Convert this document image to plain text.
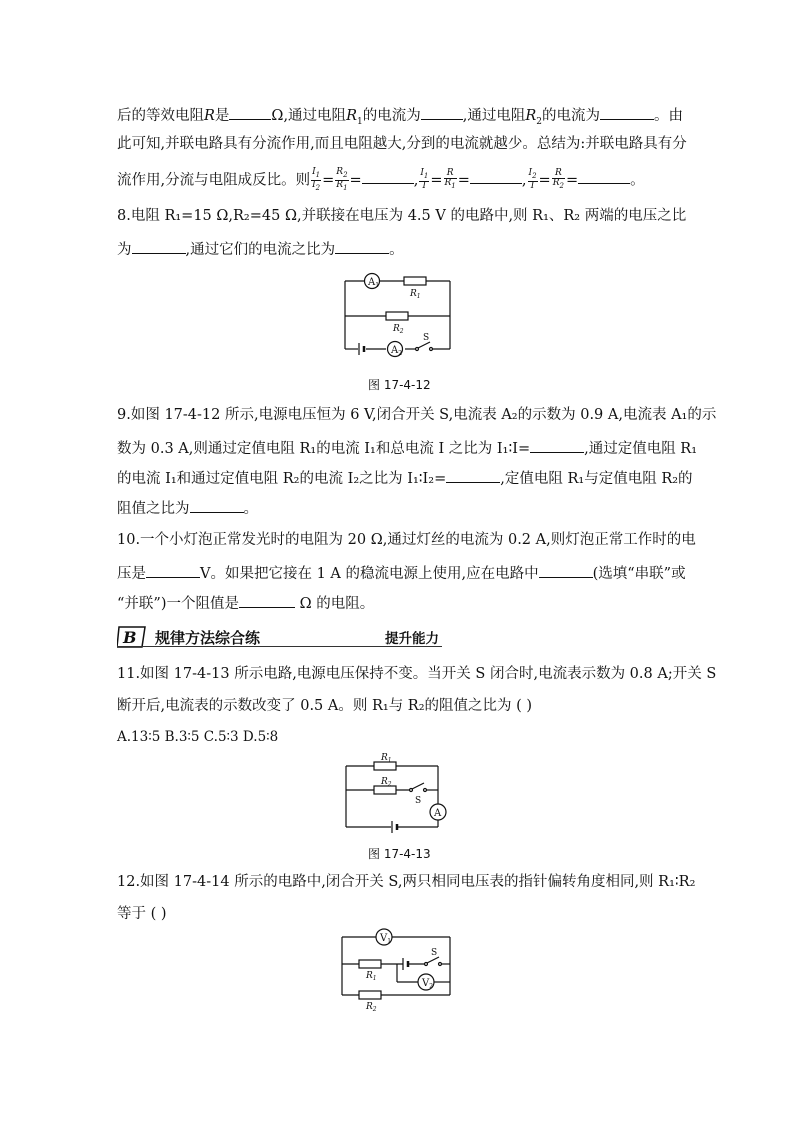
后的等效电阻R是	Ω,通过电阻$R_1$的电流为	,通过电阻$R_2$的电流为	。由
此可知,并联电路具有分流作用,而且电阻越大,分到的电流就越少。总结为:并联电路具有分
流作用,分流与电阻成反比。则 $\frac{I_1}{I_2} = \frac{R_2}{R_1}$ =	, $\frac{I_1}{I} = \frac{R}{R_1}$ =	, $\frac{I_2}{I} = \frac{R}{R_2}$ =	。
8.电阻 R₁=15 Ω,R₂=45 Ω,并联接在电压为 4.5 V 的电路中,则 R₁、R₂ 两端的电压之比
为	,通过它们的电流之比为	。
$A_1$
$R_1$
$R_2$
$A_2$
S
图 17-4-12
9.如图 17-4-12 所示,电源电压恒为 6 V,闭合开关 S,电流表 A₂的示数为 0.9 A,电流表 A₁的示
数为 0.3 A,则通过定值电阻 R₁的电流 I₁和总电流 I 之比为 I₁∶I=	,通过定值电阻 R₁
的电流 I₁和通过定值电阻 R₂的电流 I₂之比为 I₁∶I₂=	,定值电阻 R₁与定值电阻 R₂的
阻值之比为	。
10.一个小灯泡正常发光时的电阻为 20 Ω,通过灯丝的电流为 0.2 A,则灯泡正常工作时的电
压是	V。如果把它接在 1 A 的稳流电源上使用,应在电路中	(选填“串联”或
“并联”)一个阻值是	Ω 的电阻。
B 规律方法综合练	提升能力
11.如图 17-4-13 所示电路,电源电压保持不变。当开关 S 闭合时,电流表示数为 0.8 A;开关 S
断开后,电流表的示数改变了 0.5 A。则 R₁与 R₂的阻值之比为 ( )
A.13∶5 B.3∶5 C.5∶3 D.5∶8
$R_1$
$R_2$
S
A
图 17-4-13
12.如图 17-4-14 所示的电路中,闭合开关 S,两只相同电压表的指针偏转角度相同,则 R₁∶R₂
等于 ( )
$V_1$
$R_1$
S
$V_2$
$R_2$
